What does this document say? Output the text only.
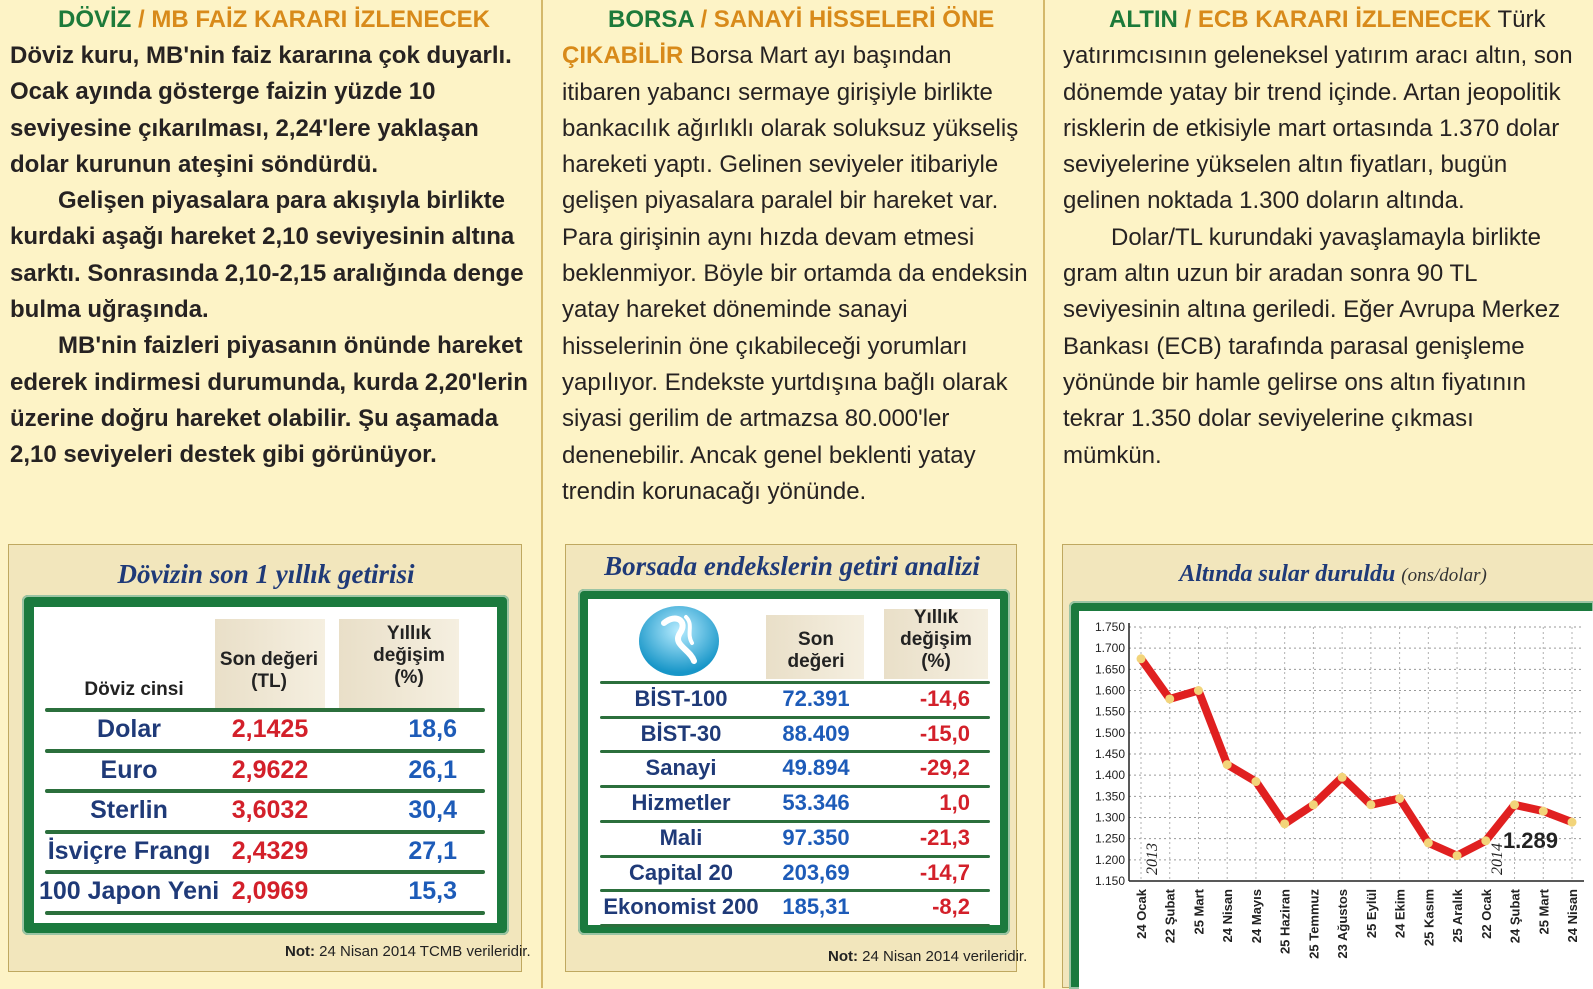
DÖVİZ / MB FAİZ KARARI İZLENECEK
Döviz kuru, MB'nin faiz kararına çok duyarlı. Ocak ayında gösterge faizin yüzde 10 seviyesine çıkarılması, 2,24'lere yaklaşan dolar kurunun ateşini söndürdü.
Gelişen piyasalara para akışıyla birlikte kurdaki aşağı hareket 2,10 seviyesinin altına sarktı. Sonrasında 2,10-2,15 aralığında denge bulma uğraşında.
MB'nin faizleri piyasanın önünde hareket ederek indirmesi durumunda, kurda 2,20'lerin üzerine doğru hareket olabilir. Şu aşamada 2,10 seviyeleri destek gibi görünüyor.
BORSA / SANAYİ HİSSELERİ ÖNE ÇIKABİLİR Borsa Mart ayı başından itibaren yabancı sermaye girişiyle birlikte bankacılık ağırlıklı olarak soluksuz yükseliş hareketi yaptı. Gelinen seviyeler itibariyle gelişen piyasalara paralel bir hareket var. Para girişinin aynı hızda devam etmesi beklenmiyor. Böyle bir ortamda da endeksin yatay hareket döneminde sanayi hisselerinin öne çıkabileceği yorumları yapılıyor. Endekste yurtdışına bağlı olarak siyasi gerilim de artmazsa 80.000'ler denenebilir. Ancak genel beklenti yatay trendin korunacağı yönünde.
ALTIN / ECB KARARI İZLENECEK Türk yatırımcısının geleneksel yatırım aracı altın, son dönemde yatay bir trend içinde. Artan jeopolitik risklerin de etkisiyle mart ortasında 1.370 dolar seviyelerine yükselen altın fiyatları, bugün gelinen noktada 1.300 doların altında.
Dolar/TL kurundaki yavaşlamayla birlikte gram altın uzun bir aradan sonra 90 TL seviyesinin altına geriledi. Eğer Avrupa Merkez Bankası (ECB) tarafında parasal genişleme yönünde bir hamle gelirse ons altın fiyatının tekrar 1.350 dolar seviyelerine çıkması mümkün.
Dövizin son 1 yıllık getirisi
Döviz cinsi
Son değeri (TL)
Yıllık değişim (%)
Not: 24 Nisan 2014 TCMB verileridir.
Dolar	2,1425	18,6
Euro	2,9622	26,1
Sterlin	3,6032	30,4
İsviçre Frangı 2,4329	27,1
100 Japon Yeni 2,0969	15,3
Borsada endekslerin getiri analizi
Son değeri
Yıllık değişim (%)
Not: 24 Nisan 2014 verileridir.
BİST-100	72.391	-14,6
BİST-30	88.409	-15,0
Sanayi	49.894	-29,2
Hizmetler	53.346	1,0
Mali	97.350	-21,3
Capital 20	203,69	-14,7
Ekonomist 200	185,31	-8,2
Altında sular duruldu (ons/dolar)
1.750
1.700
1.650
1.600
1.550
1.500
1.450
1.400
1.350
1.300
1.250
1.200
1.150
2013	2014
1.289
24 Ocak 22 Şubat 25 Mart 24 Nisan 24 Mayıs 25 Haziran 25 Temmuz 23 Ağustos 25 Eylül 24 Ekim 25 Kasım 25 Aralık 22 Ocak 24 Şubat 25 Mart 24 Nisan
